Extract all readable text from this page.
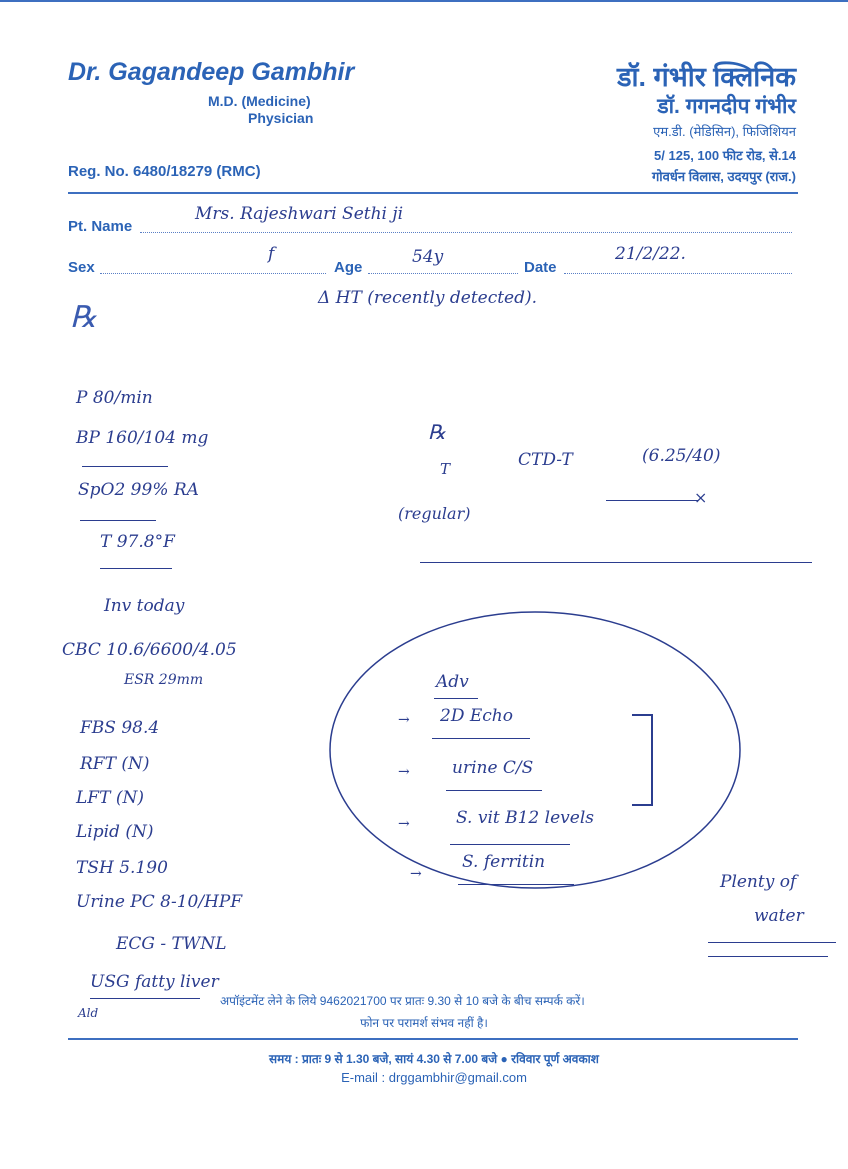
Dr. Gagandeep Gambhir
M.D. (Medicine)
Physician
Reg. No. 6480/18279 (RMC)
डॉ. गंभीर क्लिनिक
डॉ. गगनदीप गंभीर
एम.डी. (मेडिसिन), फिजिशियन
5/ 125, 100 फीट रोड, से.14
गोवर्धन विलास, उदयपुर (राज.)
Pt. Name
Mrs. Rajeshwari Sethi ji
Sex
f
Age
54y
Date
21/2/22.
℞
Δ HT (recently detected).
P 80/min
BP 160/104 mg
SpO2 99% RA
T 97.8°F
℞
T	CTD-T	(6.25/40)
(regular)
×
Inv today
CBC 10.6/6600/4.05
ESR 29mm
FBS 98.4
RFT (N)
LFT (N)
Lipid (N)
TSH 5.190
Urine PC 8-10/HPF
ECG - TWNL
USG fatty liver
Ald
Adv
→ 2D Echo
→ urine C/S
→	S. vit B12 levels
→
S. ferritin
Plenty of
water
अपॉइंटमेंट लेने के लिये 9462021700 पर प्रातः 9.30 से 10 बजे के बीच सम्पर्क करें।
फोन पर परामर्श संभव नहीं है।
समय : प्रातः 9 से 1.30 बजे, सायं 4.30 से 7.00 बजे ● रविवार पूर्ण अवकाश
E-mail : drggambhir@gmail.com
